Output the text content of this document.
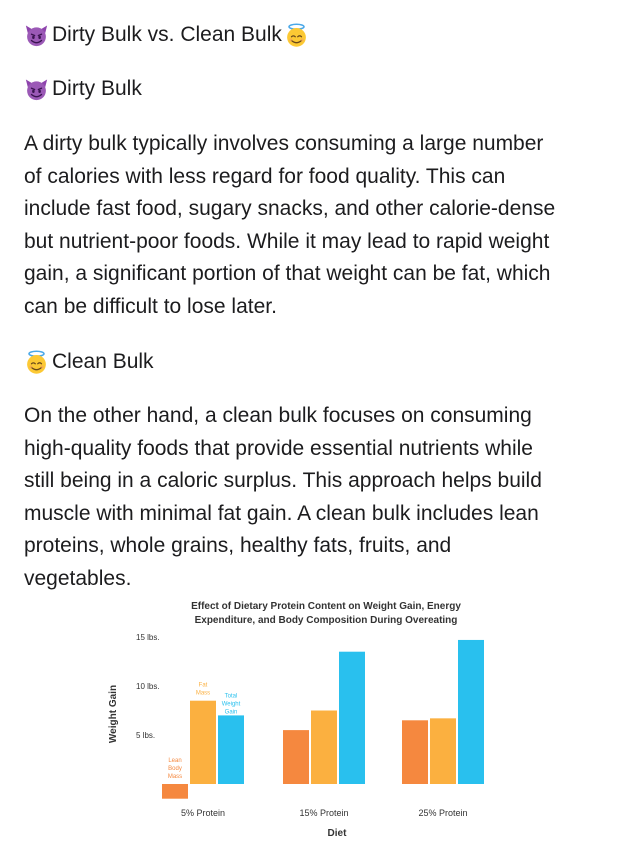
Dirty Bulk vs. Clean Bulk
Dirty Bulk

A dirty bulk typically involves consuming a large number

of calories with less regard for food quality. This can

include fast food, sugary snacks, and other calorie-dense

but nutrient-poor foods. While it may lead to rapid weight

gain, a significant portion of that weight can be fat, which

can be difficult to lose later.

Clean Bulk

On the other hand, a clean bulk focuses on consuming

high-quality foods that provide essential nutrients while

still being in a caloric surplus. This approach helps build

muscle with minimal fat gain. A clean bulk includes lean

proteins, whole grains, healthy fats, fruits, and

vegetables.

Effect of Dietary Protein Content on Weight Gain, Energy
Expenditure, and Body Composition During Overeating
Weight Gain
Diet
5 lbs.
10 lbs.
15 lbs.
5% Protein	15% Protein	25% Protein
Lean
Body
Mass
Fat
Mass Total
Weight
Gain
